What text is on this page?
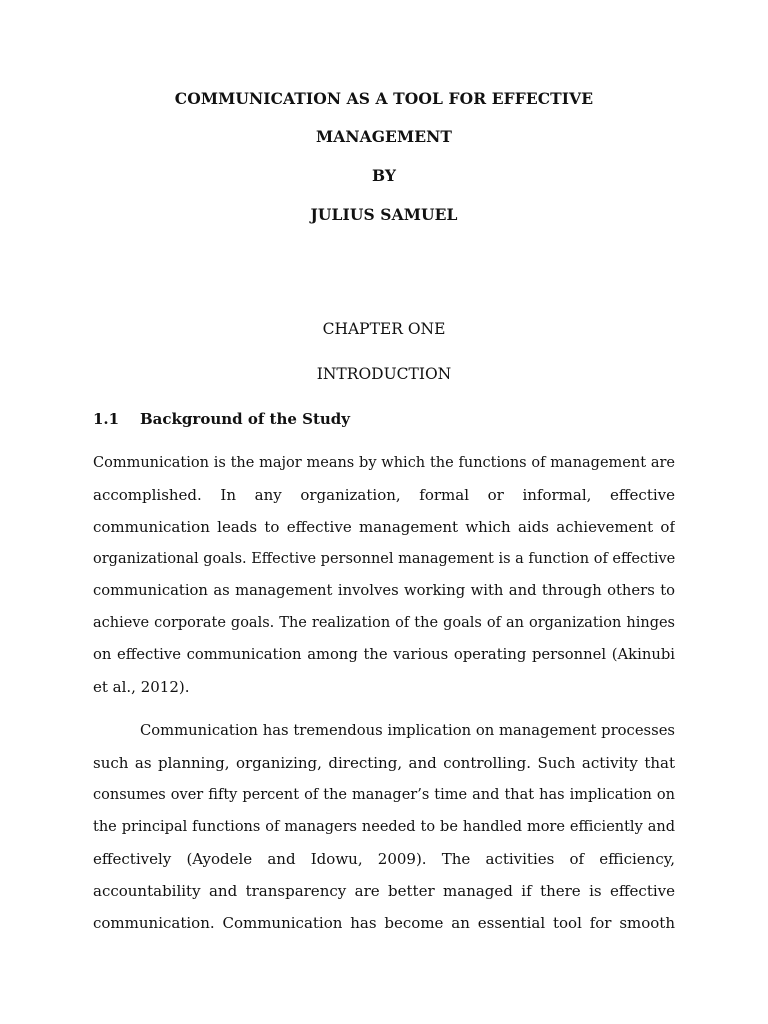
COMMUNICATION AS A TOOL FOR EFFECTIVE
MANAGEMENT
BY
JULIUS SAMUEL
CHAPTER ONE
INTRODUCTION
1.1 Background of the Study
Communication is the major means by which the functions of management are
accomplished. In any organization, formal or informal, effective
communication leads to effective management which aids achievement of
organizational goals. Effective personnel management is a function of effective
communication as management involves working with and through others to
achieve corporate goals. The realization of the goals of an organization hinges
on effective communication among the various operating personnel (Akinubi
et al., 2012).
Communication has tremendous implication on management processes
such as planning, organizing, directing, and controlling. Such activity that
consumes over fifty percent of the manager’s time and that has implication on
the principal functions of managers needed to be handled more efficiently and
effectively (Ayodele and Idowu, 2009). The activities of efficiency,
accountability and transparency are better managed if there is effective
communication. Communication has become an essential tool for smooth
